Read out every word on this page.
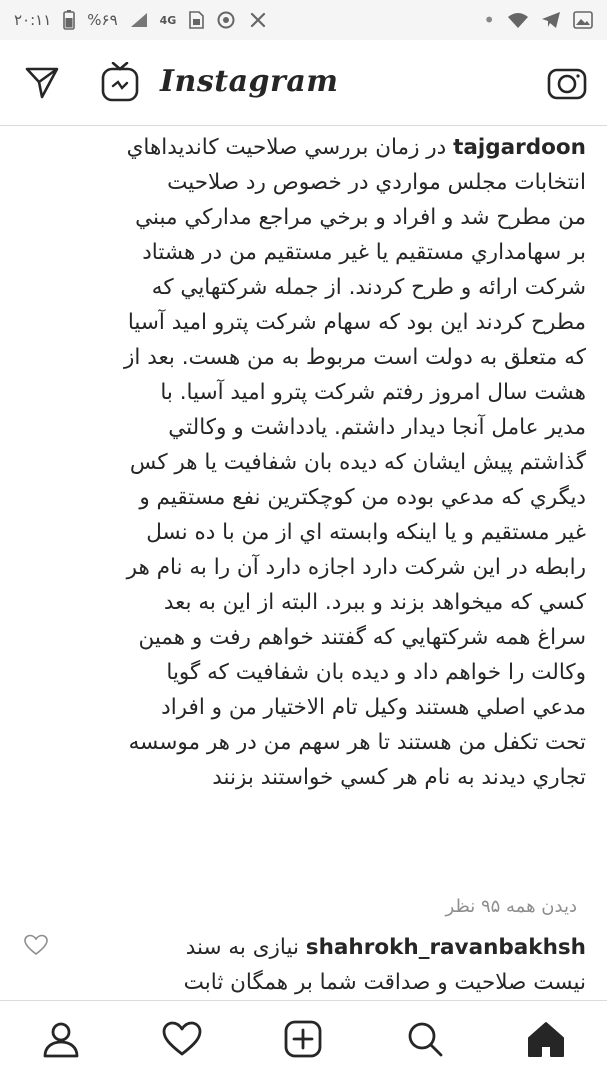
۲۰:۱۱ %۶۹	4G	•
Instagram
tajgardoon در زمان بررسي صلاحيت کانديداهاي
انتخابات مجلس مواردي در خصوص رد صلاحيت
من مطرح شد و افراد و برخي مراجع مدارکي مبني
بر سهامداري مستقيم يا غير مستقيم من در هشتاد
شرکت ارائه و طرح کردند. از جمله شرکتهايي که
مطرح کردند اين بود که سهام شرکت پترو اميد آسيا
که متعلق به دولت است مربوط به من هست. بعد از
هشت سال امروز رفتم شرکت پترو اميد آسيا. با
مدير عامل آنجا ديدار داشتم. يادداشت و وکالتي
گذاشتم پيش ايشان که ديده بان شفافيت يا هر کس
ديگري که مدعي بوده من کوچکترين نفع مستقيم و
غير مستقيم و يا اينکه وابسته اي از من با ده نسل
رابطه در اين شرکت دارد اجازه دارد آن را به نام هر
کسي که ميخواهد بزند و ببرد. البته از اين به بعد
سراغ همه شرکتهايي که گفتند خواهم رفت و همين
وکالت را خواهم داد و ديده بان شفافيت که گويا
مدعي اصلي هستند وکيل تام الاختيار من و افراد
تحت تکفل من هستند تا هر سهم من در هر موسسه
تجاري ديدند به نام هر کسي خواستند بزنند
دیدن همه ۹۵ نظر
shahrokh_ravanbakhsh نیازی به سند
نیست صلاحیت و صداقت شما بر همگان ثابت
